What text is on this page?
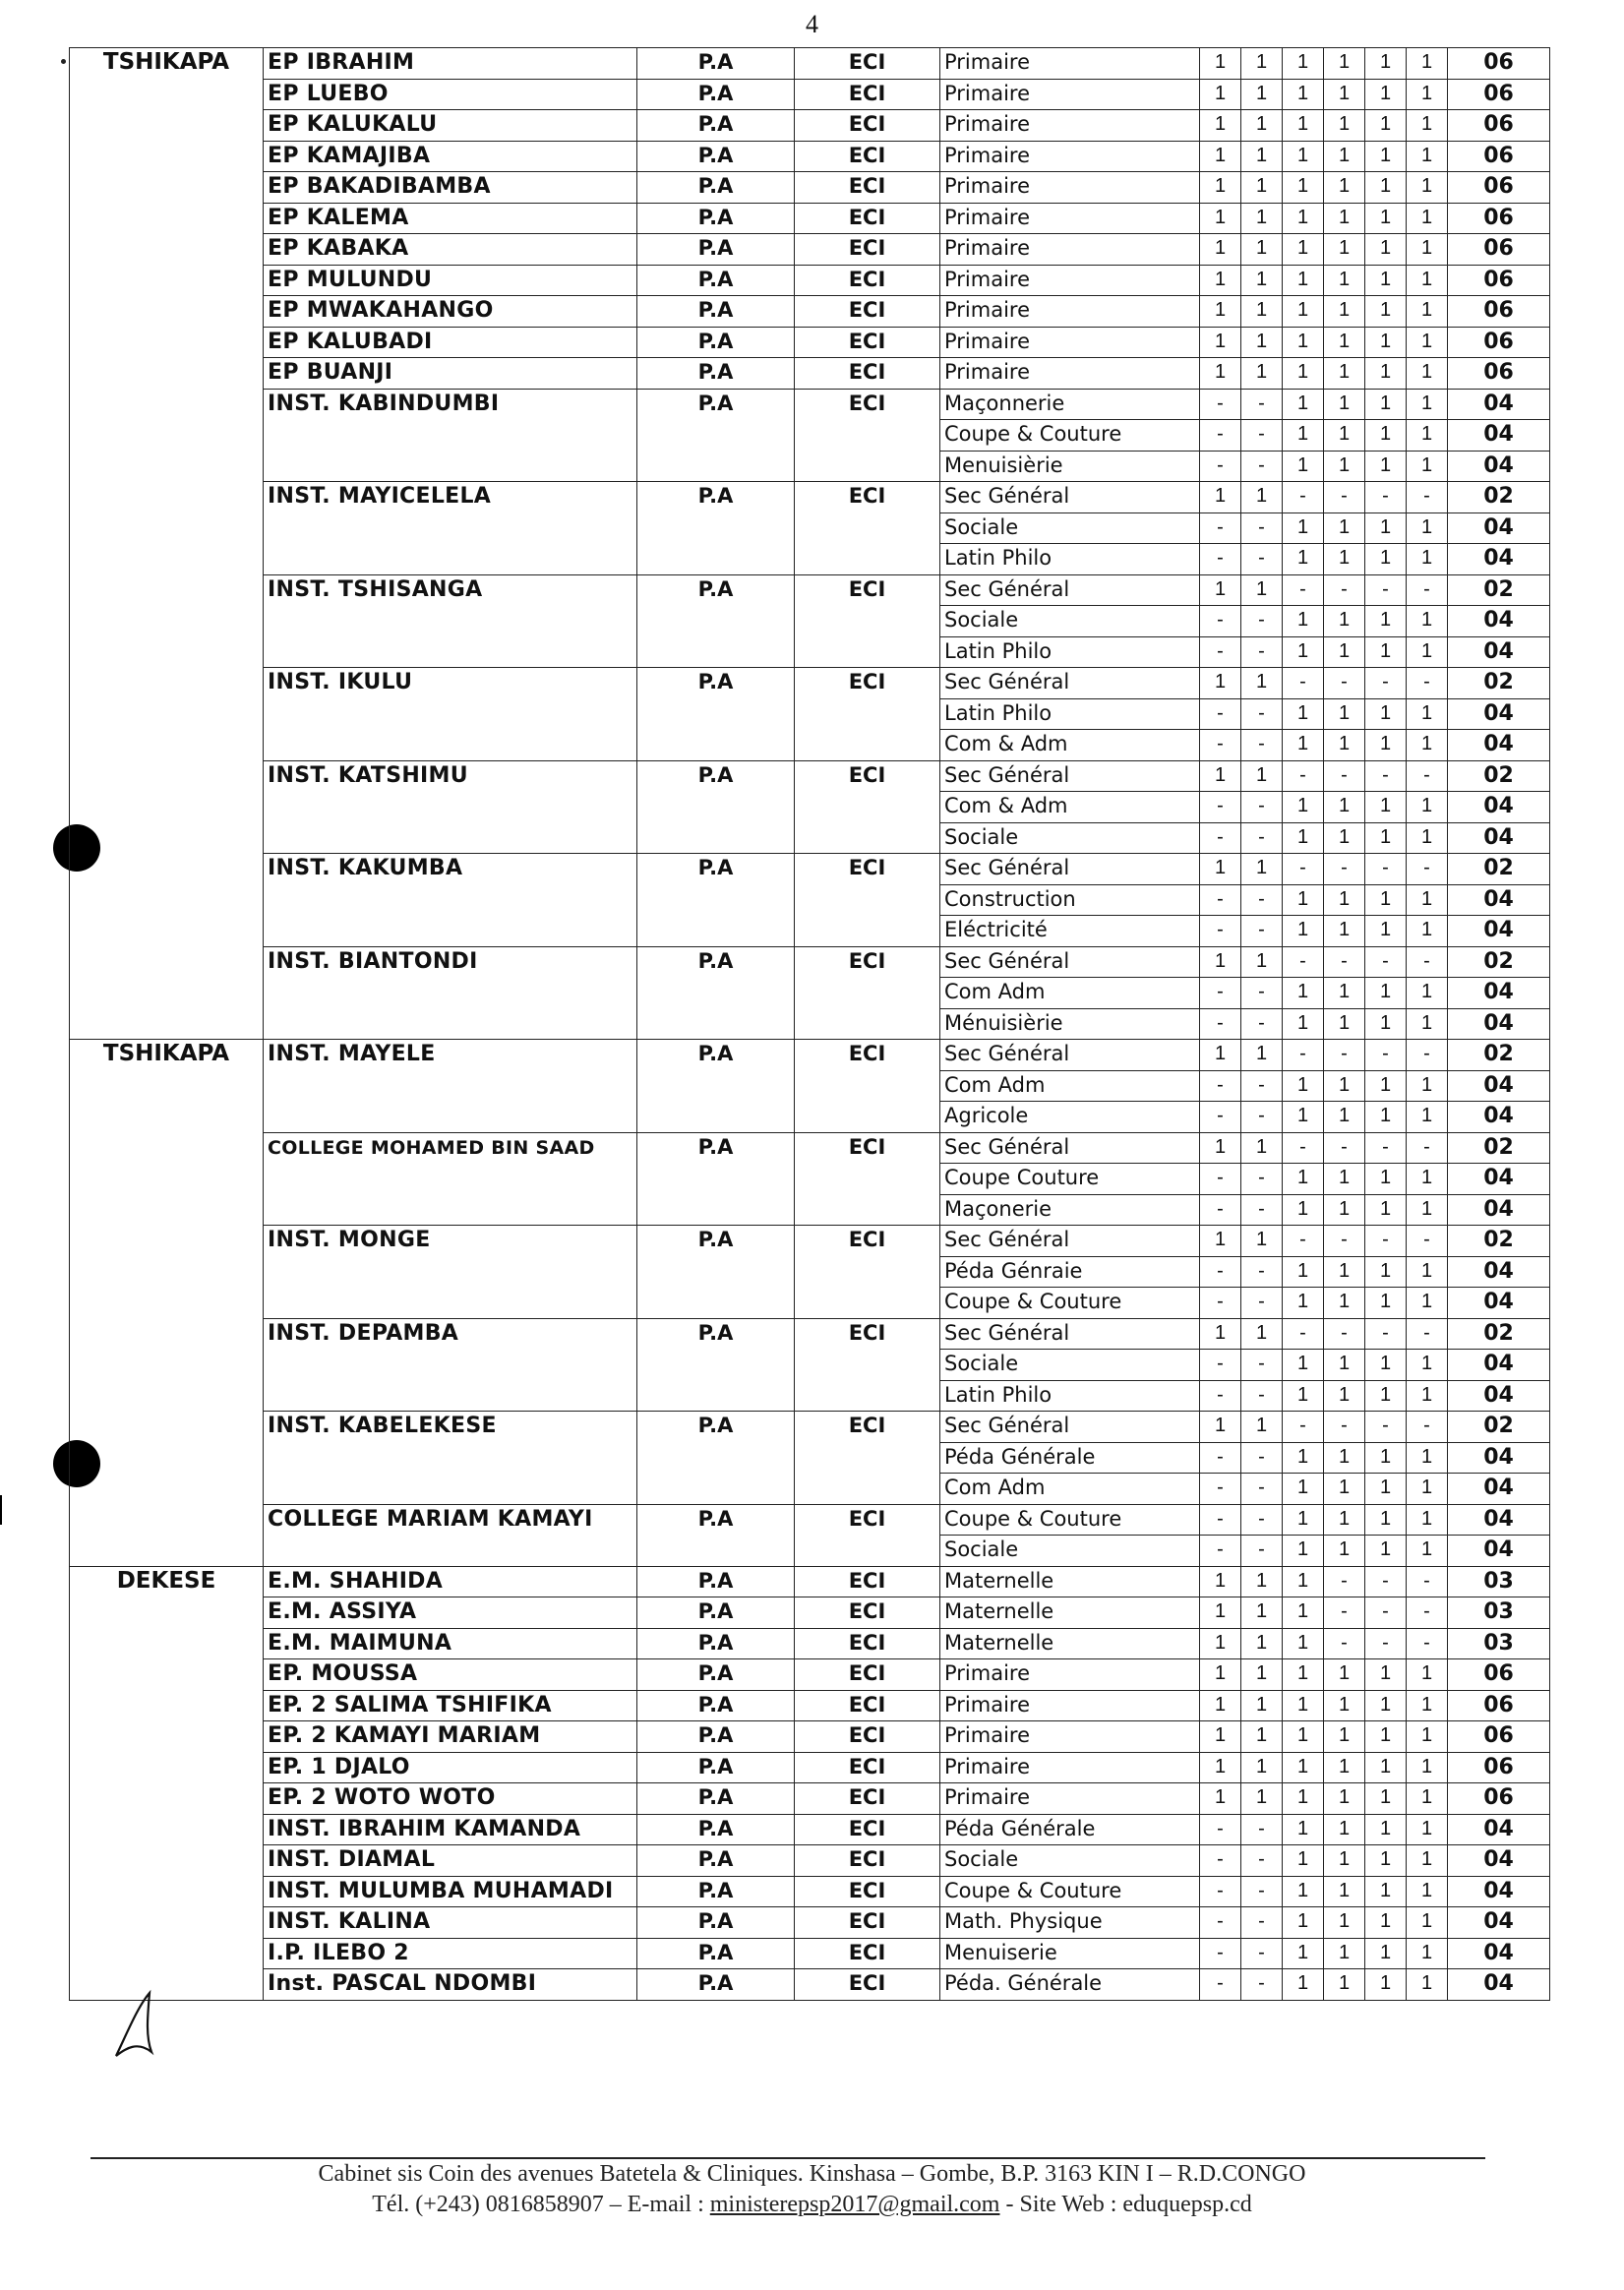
4
TSHIKAPA	EP IBRAHIM	P.A	ECI	Primaire	1	1	1	1	1	1	06
	EP LUEBO	P.A	ECI	Primaire	1	1	1	1	1	1	06
	EP KALUKALU	P.A	ECI	Primaire	1	1	1	1	1	1	06
	EP KAMAJIBA	P.A	ECI	Primaire	1	1	1	1	1	1	06
	EP BAKADIBAMBA	P.A	ECI	Primaire	1	1	1	1	1	1	06
	EP KALEMA	P.A	ECI	Primaire	1	1	1	1	1	1	06
	EP KABAKA	P.A	ECI	Primaire	1	1	1	1	1	1	06
	EP MULUNDU	P.A	ECI	Primaire	1	1	1	1	1	1	06
	EP MWAKAHANGO	P.A	ECI	Primaire	1	1	1	1	1	1	06
	EP KALUBADI	P.A	ECI	Primaire	1	1	1	1	1	1	06
	EP BUANJI	P.A	ECI	Primaire	1	1	1	1	1	1	06
	INST. KABINDUMBI	P.A	ECI	Maçonnerie	-	-	1	1	1	1	04
				Coupe & Couture	-	-	1	1	1	1	04
				Menuisièrie	-	-	1	1	1	1	04
	INST. MAYICELELA	P.A	ECI	Sec Général	1	1	-	-	-	-	02
				Sociale	-	-	1	1	1	1	04
				Latin Philo	-	-	1	1	1	1	04
	INST. TSHISANGA	P.A	ECI	Sec Général	1	1	-	-	-	-	02
				Sociale	-	-	1	1	1	1	04
				Latin Philo	-	-	1	1	1	1	04
	INST. IKULU	P.A	ECI	Sec Général	1	1	-	-	-	-	02
				Latin Philo	-	-	1	1	1	1	04
				Com & Adm	-	-	1	1	1	1	04
	INST. KATSHIMU	P.A	ECI	Sec Général	1	1	-	-	-	-	02
				Com & Adm	-	-	1	1	1	1	04
				Sociale	-	-	1	1	1	1	04
	INST. KAKUMBA	P.A	ECI	Sec Général	1	1	-	-	-	-	02
				Construction	-	-	1	1	1	1	04
				Eléctricité	-	-	1	1	1	1	04
	INST. BIANTONDI	P.A	ECI	Sec Général	1	1	-	-	-	-	02
				Com Adm	-	-	1	1	1	1	04
				Ménuisièrie	-	-	1	1	1	1	04
TSHIKAPA	INST. MAYELE	P.A	ECI	Sec Général	1	1	-	-	-	-	02
				Com Adm	-	-	1	1	1	1	04
				Agricole	-	-	1	1	1	1	04
	COLLEGE MOHAMED BIN SAAD	P.A	ECI	Sec Général	1	1	-	-	-	-	02
				Coupe Couture	-	-	1	1	1	1	04
				Maçonerie	-	-	1	1	1	1	04
	INST. MONGE	P.A	ECI	Sec Général	1	1	-	-	-	-	02
				Péda Génraie	-	-	1	1	1	1	04
				Coupe & Couture	-	-	1	1	1	1	04
	INST. DEPAMBA	P.A	ECI	Sec Général	1	1	-	-	-	-	02
				Sociale	-	-	1	1	1	1	04
				Latin Philo	-	-	1	1	1	1	04
	INST. KABELEKESE	P.A	ECI	Sec Général	1	1	-	-	-	-	02
				Péda Générale	-	-	1	1	1	1	04
				Com Adm	-	-	1	1	1	1	04
	COLLEGE MARIAM KAMAYI	P.A	ECI	Coupe & Couture	-	-	1	1	1	1	04
				Sociale	-	-	1	1	1	1	04
DEKESE	E.M. SHAHIDA	P.A	ECI	Maternelle	1	1	1	-	-	-	03
	E.M. ASSIYA	P.A	ECI	Maternelle	1	1	1	-	-	-	03
	E.M. MAIMUNA	P.A	ECI	Maternelle	1	1	1	-	-	-	03
	EP. MOUSSA	P.A	ECI	Primaire	1	1	1	1	1	1	06
	EP. 2 SALIMA TSHIFIKA	P.A	ECI	Primaire	1	1	1	1	1	1	06
	EP. 2 KAMAYI MARIAM	P.A	ECI	Primaire	1	1	1	1	1	1	06
	EP. 1 DJALO	P.A	ECI	Primaire	1	1	1	1	1	1	06
	EP. 2 WOTO WOTO	P.A	ECI	Primaire	1	1	1	1	1	1	06
	INST. IBRAHIM KAMANDA	P.A	ECI	Péda Générale	-	-	1	1	1	1	04
	INST. DIAMAL	P.A	ECI	Sociale	-	-	1	1	1	1	04
	INST. MULUMBA MUHAMADI	P.A	ECI	Coupe & Couture	-	-	1	1	1	1	04
	INST. KALINA	P.A	ECI	Math. Physique	-	-	1	1	1	1	04
	I.P. ILEBO 2	P.A	ECI	Menuiserie	-	-	1	1	1	1	04
	Inst. PASCAL NDOMBI	P.A	ECI	Péda. Générale	-	-	1	1	1	1	04
Cabinet sis Coin des avenues Batetela & Cliniques. Kinshasa – Gombe, B.P. 3163 KIN I – R.D.CONGO
Tél. (+243) 0816858907 – E-mail : ministerepsp2017@gmail.com - Site Web : eduquepsp.cd
